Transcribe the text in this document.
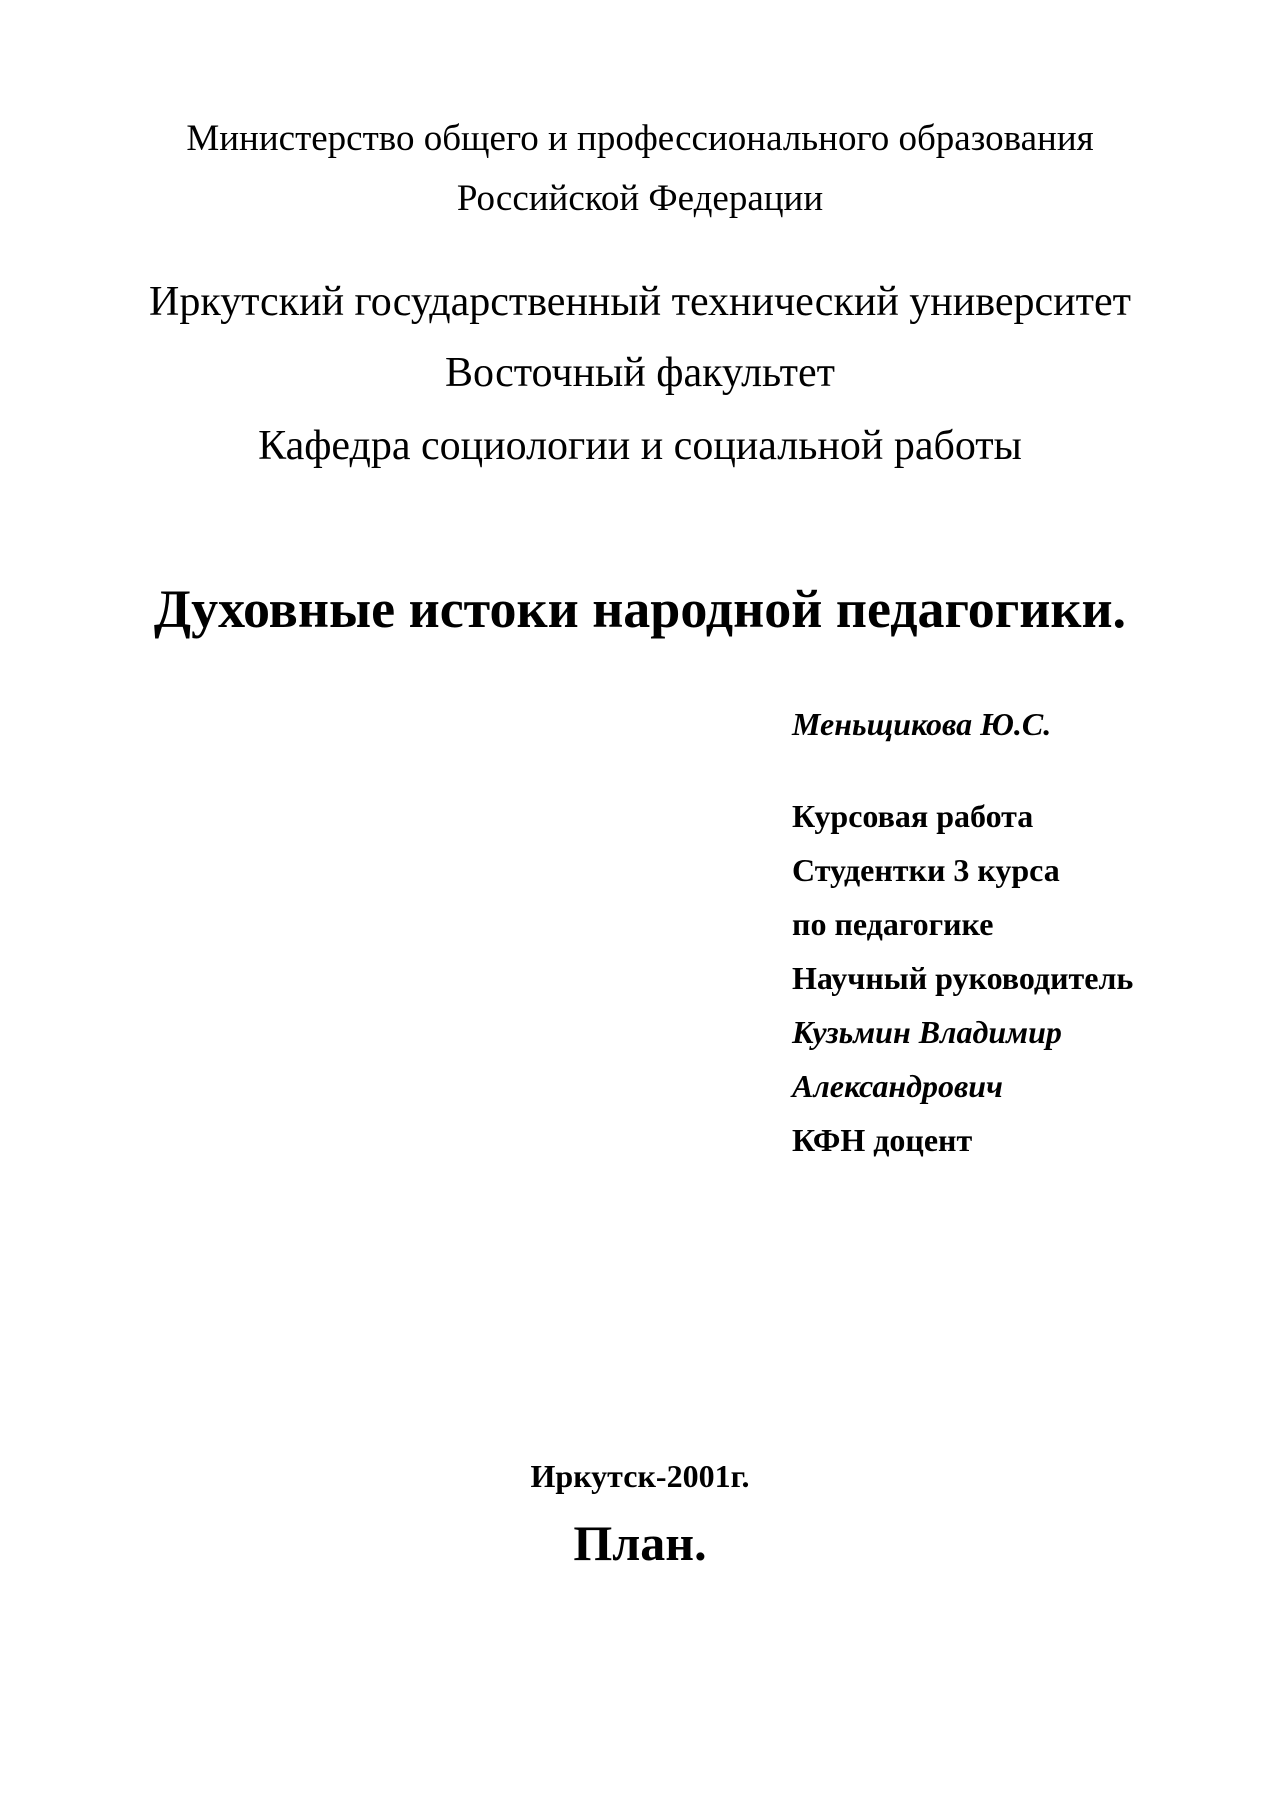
Министерство общего и профессионального образования
Российской Федерации
Иркутский государственный технический университет
Восточный факультет
Кафедра социологии и социальной работы
Духовные истоки народной педагогики.
Меньщикова Ю.С.
Курсовая работа
Студентки 3 курса
по педагогике
Научный руководитель
Кузьмин Владимир
Александрович
КФН доцент
Иркутск-2001г.
План.
